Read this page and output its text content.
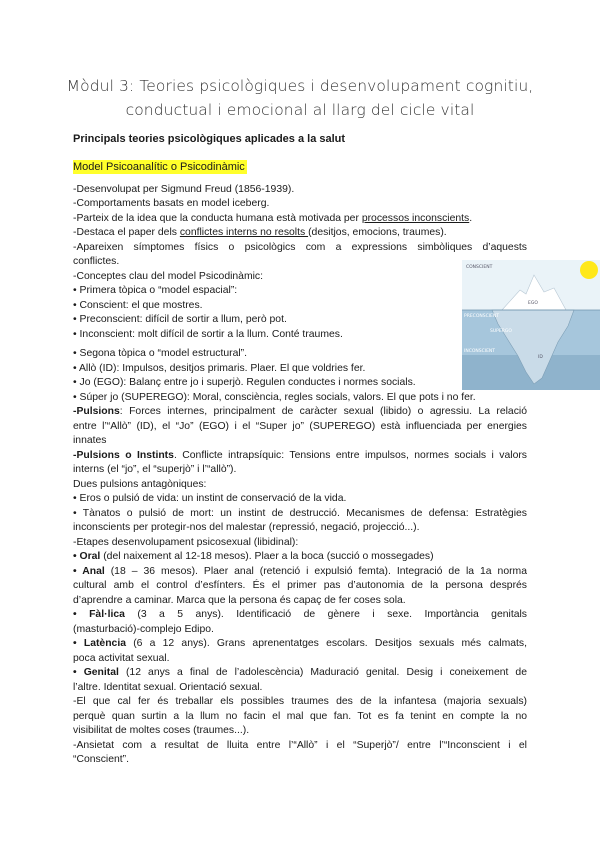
Mòdul 3: Teories psicològiques i desenvolupament cognitiu,
conductual i emocional al llarg del cicle vital
Principals teories psicològiques aplicades a la salut
Model Psicoanalític o Psicodinàmic
-Desenvolupat per Sigmund Freud (1856-1939).
-Comportaments basats en model iceberg.
-Parteix de la idea que la conducta humana està motivada per processos inconscients.
-Destaca el paper dels conflictes interns no resolts (desitjos, emocions, traumes).
-Apareixen símptomes físics o psicològics com a expressions simbòliques d’aquests
conflictes.
-Conceptes clau del model Psicodinàmic:
• Primera tòpica o “model espacial”:
• Conscient: el que mostres.
• Preconscient: difícil de sortir a llum, però pot.
• Inconscient: molt difícil de sortir a la llum. Conté traumes.
• Segona tòpica o “model estructural”.
• Allò (ID): Impulsos, desitjos primaris. Plaer. El que voldries fer.
• Jo (EGO): Balanç entre jo i superjò. Regulen conductes i normes socials.
• Súper jo (SUPEREGO): Moral, consciència, regles socials, valors. El que pots i no fer.
-Pulsions: Forces internes, principalment de caràcter sexual (libido) o agressiu. La relació
entre l’“Allò” (ID), el “Jo” (EGO) i el “Super jo” (SUPEREGO) està influenciada per energies
innates
-Pulsions o Instints. Conflicte intrapsíquic: Tensions entre impulsos, normes socials i valors
interns (el “jo”, el “superjò” i l’“allò”).
Dues pulsions antagòniques:
• Eros o pulsió de vida: un instint de conservació de la vida.
• Tànatos o pulsió de mort: un instint de destrucció. Mecanismes de defensa: Estratègies
inconscients per protegir-nos del malestar (repressió, negació, projecció...).
-Etapes desenvolupament psicosexual (libidinal):
• Oral (del naixement al 12-18 mesos). Plaer a la boca (succió o mossegades)
• Anal (18 – 36 mesos). Plaer anal (retenció i expulsió femta). Integració de la 1a norma
cultural amb el control d’esfínters. És el primer pas d’autonomia de la persona després
d’aprendre a caminar. Marca que la persona és capaç de fer coses sola.
• Fàl·lica (3 a 5 anys). Identificació de gènere i sexe. Importància genitals
(masturbació)-complejo Edipo.
• Latència (6 a 12 anys). Grans aprenentatges escolars. Desitjos sexuals més calmats,
poca activitat sexual.
• Genital (12 anys a final de l’adolescència) Maduració genital. Desig i coneixement de
l’altre. Identitat sexual. Orientació sexual.
-El que cal fer és treballar els possibles traumes des de la infantesa (majoria sexuals)
perquè quan surtin a la llum no facin el mal que fan. Tot es fa tenint en compte la no
visibilitat de moltes coses (traumes...).
-Ansietat com a resultat de lluita entre l’“Allò” i el “Superjò”/ entre l’“Inconscient i el
“Conscient”.
CONSCIENT
EGO
PRECONSCIENT
SUPERGO
INCONSCIENT
ID
